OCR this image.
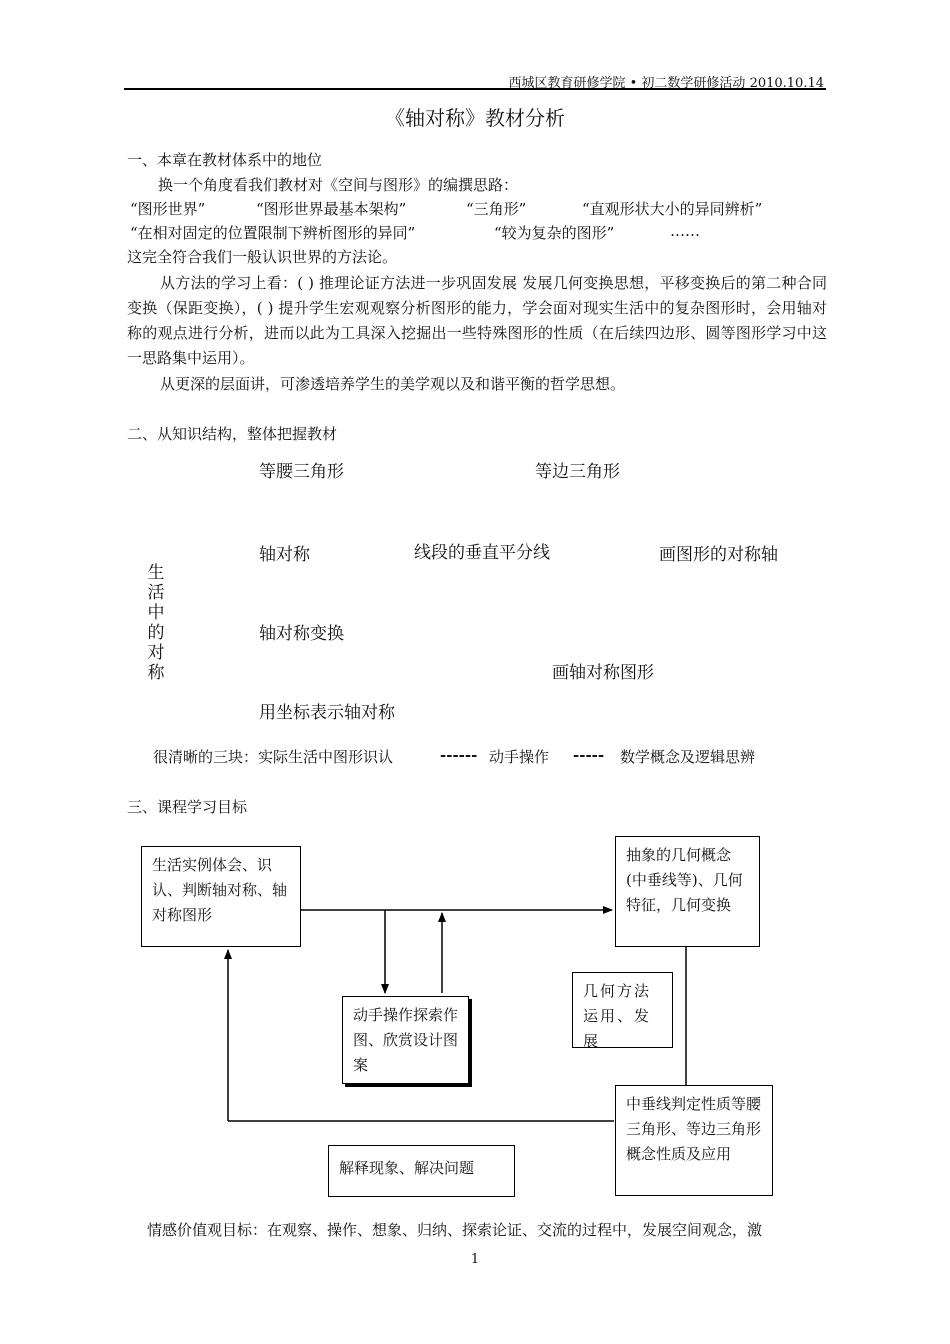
西城区教育研修学院 • 初二数学研修活动 2010.10.14
《轴对称》教材分析
一、本章在教材体系中的地位
换一个角度看我们教材对《空间与图形》的编撰思路：
“图形世界”	“图形世界最基本架构”	“三角形”	“直观形状大小的异同辨析”
“在相对固定的位置限制下辨析图形的异同”	“较为复杂的图形”	……
这完全符合我们一般认识世界的方法论。
从方法的学习上看：( ) 推理论证方法进一步巩固发展 发展几何变换思想，平移变换后的第二种合同变换（保距变换），( ) 提升学生宏观观察分析图形的能力，学会面对现实生活中的复杂图形时，会用轴对称的观点进行分析，进而以此为工具深入挖掘出一些特殊图形的性质（在后续四边形、圆等图形学习中这一思路集中运用）。
从更深的层面讲，可渗透培养学生的美学观以及和谐平衡的哲学思想。
二、从知识结构，整体把握教材
等腰三角形	等边三角形
轴对称	线段的垂直平分线	画图形的对称轴
轴对称变换
画轴对称图形
用坐标表示轴对称
生活中的对称
很清晰的三块：实际生活中图形识认	------ 动手操作 ----- 数学概念及逻辑思辨
三、课程学习目标
生活实例体会、识认、判断轴对称、轴对称图形
抽象的几何概念(中垂线等)、几何特征，几何变换
动手操作探索作图、欣赏设计图案
几何方法运用、发展
中垂线判定性质等腰三角形、等边三角形概念性质及应用
解释现象、解决问题
情感价值观目标：在观察、操作、想象、归纳、探索论证、交流的过程中，发展空间观念，激
1
